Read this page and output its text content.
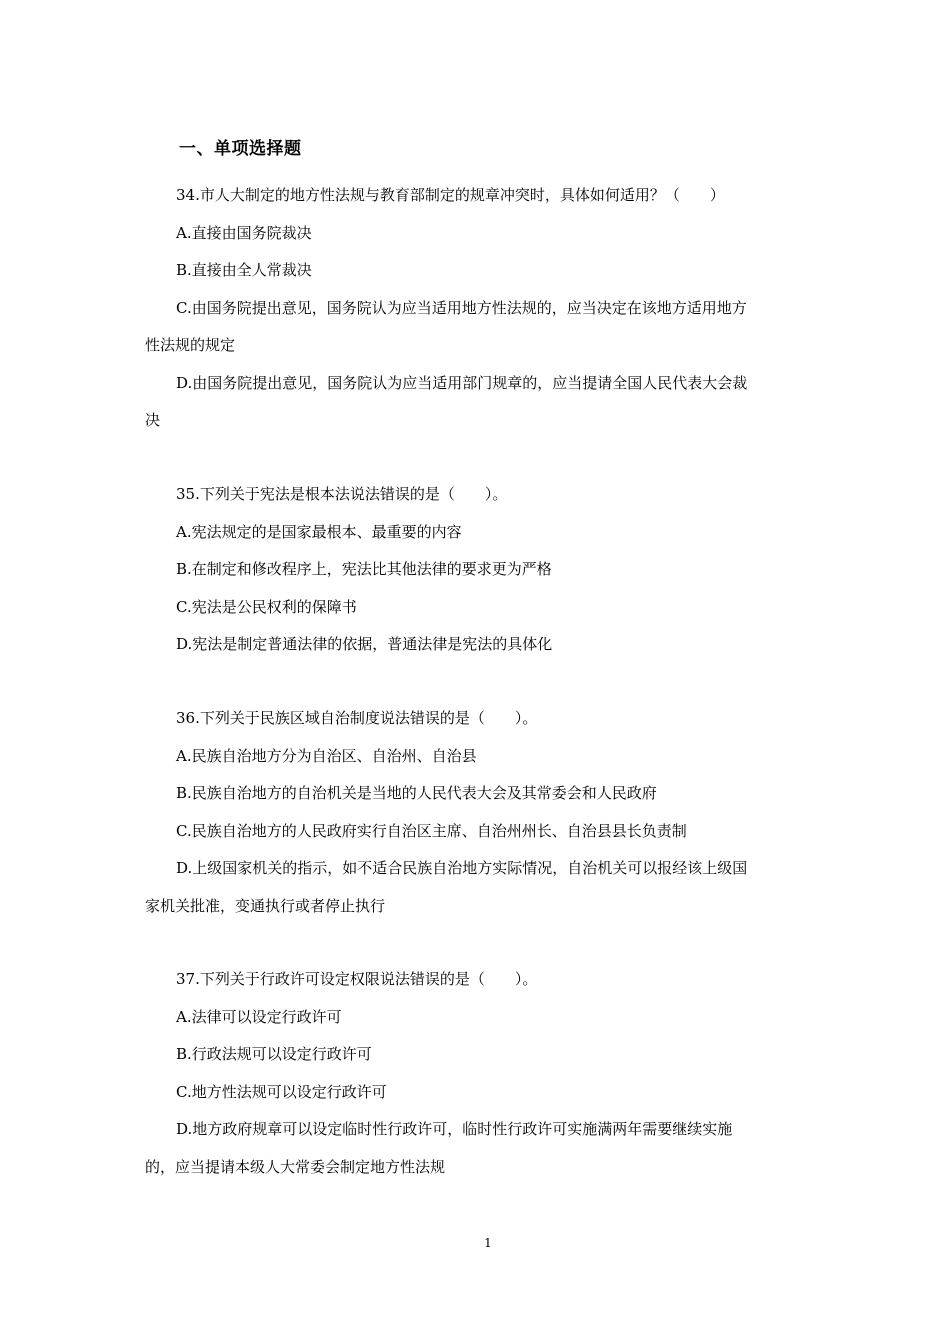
一、单项选择题
34.市人大制定的地方性法规与教育部制定的规章冲突时，具体如何适用？（　　）
A.直接由国务院裁决
B.直接由全人常裁决
C.由国务院提出意见，国务院认为应当适用地方性法规的，应当决定在该地方适用地方
性法规的规定
D.由国务院提出意见，国务院认为应当适用部门规章的，应当提请全国人民代表大会裁
决
35.下列关于宪法是根本法说法错误的是（　　）。
A.宪法规定的是国家最根本、最重要的内容
B.在制定和修改程序上，宪法比其他法律的要求更为严格
C.宪法是公民权利的保障书
D.宪法是制定普通法律的依据，普通法律是宪法的具体化
36.下列关于民族区域自治制度说法错误的是（　　）。
A.民族自治地方分为自治区、自治州、自治县
B.民族自治地方的自治机关是当地的人民代表大会及其常委会和人民政府
C.民族自治地方的人民政府实行自治区主席、自治州州长、自治县县长负责制
D.上级国家机关的指示，如不适合民族自治地方实际情况，自治机关可以报经该上级国
家机关批准，变通执行或者停止执行
37.下列关于行政许可设定权限说法错误的是（　　）。
A.法律可以设定行政许可
B.行政法规可以设定行政许可
C.地方性法规可以设定行政许可
D.地方政府规章可以设定临时性行政许可，临时性行政许可实施满两年需要继续实施
的，应当提请本级人大常委会制定地方性法规
1
